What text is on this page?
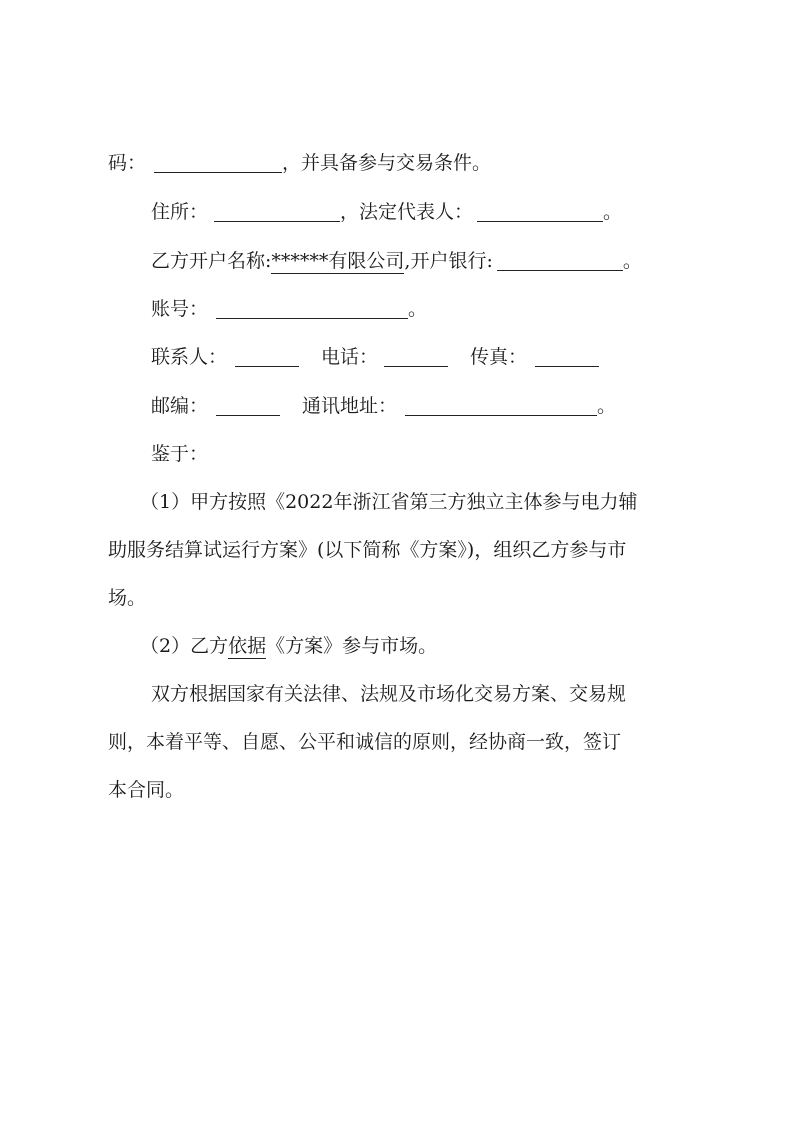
码：	，并具备参与交易条件。
住所：	，法定代表人：	。
乙方开户名称:******有限公司,开户银行:	。
账号：	。
联系人：	电话：	传真：
邮编：	通讯地址：	。
鉴于：
（1）甲方按照《2022年浙江省第三方独立主体参与电力辅
助服务结算试运行方案》(以下简称《方案》)，组织乙方参与市
场。
（2）乙方依据《方案》参与市场。
双方根据国家有关法律、法规及市场化交易方案、交易规
则，本着平等、自愿、公平和诚信的原则，经协商一致，签订
本合同。
